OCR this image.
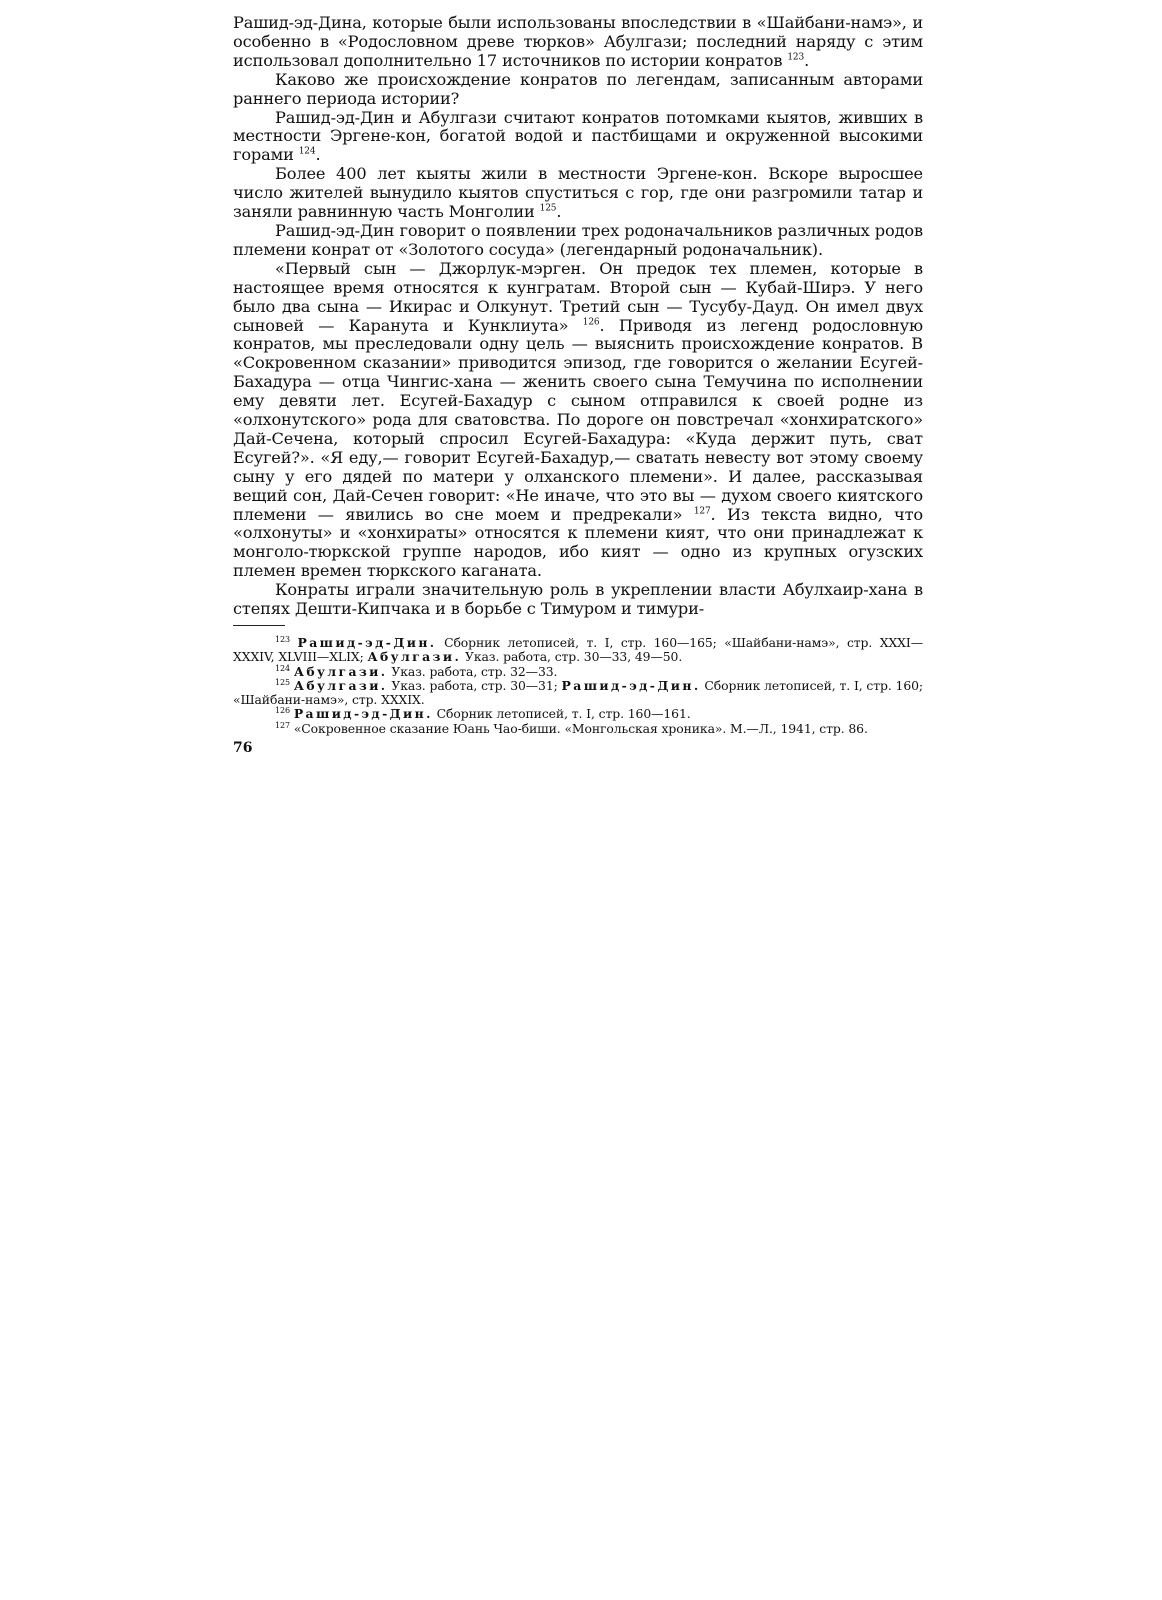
Рашид-эд-Дина, которые были использованы впоследствии в «Шайбани-намэ», и особенно в «Родословном древе тюрков» Абулгази; последний наряду с этим использовал дополнительно 17 источников по истории конратов $^{123}$.

Каково же происхождение конратов по легендам, записанным авторами раннего периода истории?

Рашид-эд-Дин и Абулгази считают конратов потомками кыятов, живших в местности Эргене-кон, богатой водой и пастбищами и окруженной высокими горами $^{124}$.

Более 400 лет кыяты жили в местности Эргене-кон. Вскоре выросшее число жителей вынудило кыятов спуститься с гор, где они разгромили татар и заняли равнинную часть Монголии $^{125}$.

Рашид-эд-Дин говорит о появлении трех родоначальников различных родов племени конрат от «Золотого сосуда» (легендарный родоначальник).

«Первый сын — Джорлук-мэрген. Он предок тех племен, которые в настоящее время относятся к кунгратам. Второй сын — Кубай-Ширэ. У него было два сына — Икирас и Олкунут. Третий сын — Тусубу-Дауд. Он имел двух сыновей — Каранута и Кунклиута» $^{126}$. Приводя из легенд родословную конратов, мы преследовали одну цель — выяснить происхождение конратов. В «Сокровенном сказании» приводится эпизод, где говорится о желании Есугей-Бахадура — отца Чингис-хана — женить своего сына Темучина по исполнении ему девяти лет. Есугей-Бахадур с сыном отправился к своей родне из «олхонутского» рода для сватовства. По дороге он повстречал «хонхиратского» Дай-Сечена, который спросил Есугей-Бахадура: «Куда держит путь, сват Есугей?». «Я еду,— говорит Есугей-Бахадур,— сватать невесту вот этому своему сыну у его дядей по матери у олханского племени». И далее, рассказывая вещий сон, Дай-Сечен говорит: «Не иначе, что это вы — духом своего киятского племени — явились во сне моем и предрекали» $^{127}$. Из текста видно, что «олхонуты» и «хонхираты» относятся к племени кият, что они принадлежат к монголо-тюркской группе народов, ибо кият — одно из крупных огузских племен времен тюркского каганата.

Конраты играли значительную роль в укреплении власти Абулхаир-хана в степях Дешти-Кипчака и в борьбе с Тимуром и тимури-

$^{123}$ Рашид-эд-Дин. Сборник летописей, т. I, стр. 160—165; «Шайбани-намэ», стр. XXXI—XXXIV, XLVIII—XLIX; Абулгази. Указ. работа, стр. 30—33, 49—50.

$^{124}$ Абулгази. Указ. работа, стр. 32—33.

$^{125}$ Абулгази. Указ. работа, стр. 30—31; Рашид-эд-Дин. Сборник летописей, т. I, стр. 160; «Шайбани-намэ», стр. XXXIX.

$^{126}$ Рашид-эд-Дин. Сборник летописей, т. I, стр. 160—161.

$^{127}$ «Сокровенное сказание Юань Чао-биши. «Монгольская хроника». М.—Л., 1941, стр. 86.

76
